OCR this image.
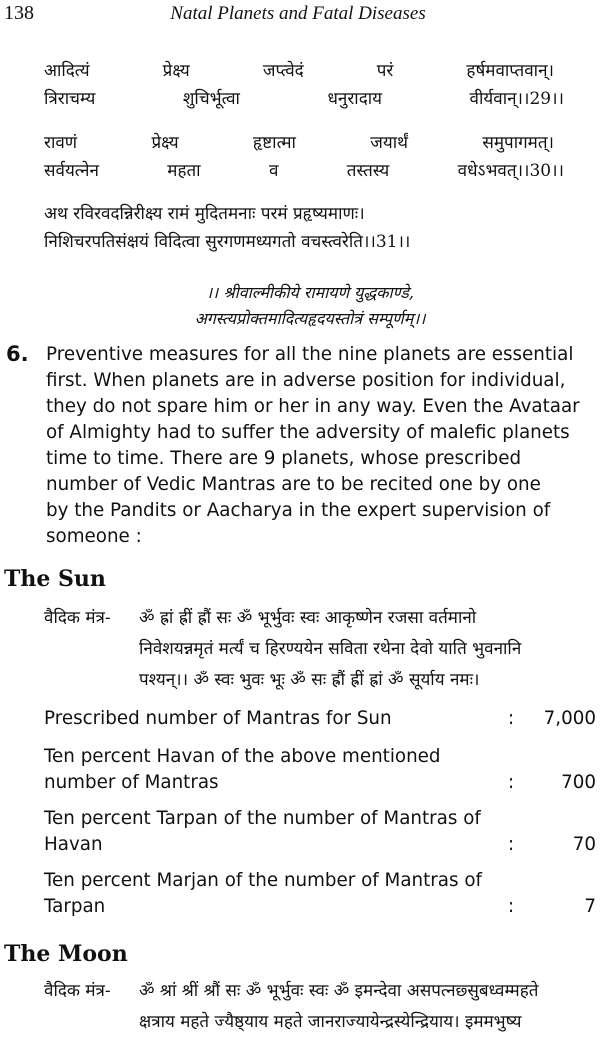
138	Natal Planets and Fatal Diseases
आदित्यं	प्रेक्ष्य	जप्त्वेदं	परं	हर्षमवाप्तवान्।
त्रिराचम्य	शुचिर्भूत्वा	धनुरादाय	वीर्यवान्।।29।।
रावणं	प्रेक्ष्य	हृष्टात्मा	जयार्थं	समुपागमत्।
सर्वयत्नेन	महता	व	तस्तस्य	वधेऽभवत्।।30।।
अथ रविरवदन्निरीक्ष्य रामं मुदितमनाः परमं प्रहृष्यमाणः।
निशिचरपतिसंक्षयं विदित्वा सुरगणमध्यगतो वचस्त्वरेति।।31।।
।। श्रीवाल्मीकीये रामायणे युद्धकाण्डे,
अगस्त्यप्रोक्तमादित्यहृदयस्तोत्रं सम्पूर्णम्।।
6. Preventive measures for all the nine planets are essential
first. When planets are in adverse position for individual,
they do not spare him or her in any way. Even the Avataar
of Almighty had to suffer the adversity of malefic planets
time to time. There are 9 planets, whose prescribed
number of Vedic Mantras are to be recited one by one
by the Pandits or Aacharya in the expert supervision of
someone :
The Sun
वैदिक मंत्र- ॐ ह्रां ह्रीं ह्रौं सः ॐ भूर्भुवः स्वः आकृष्णेन रजसा वर्तमानो
निवेशयन्नमृतं मर्त्यं च हिरण्ययेन सविता रथेना देवो याति भुवनानि
पश्यन्।। ॐ स्वः भुवः भूः ॐ सः ह्रौं ह्रीं ह्रां ॐ सूर्याय नमः।
Prescribed number of Mantras for Sun	: 7,000
Ten percent Havan of the above mentioned number of Mantras	:	700
Ten percent Tarpan of the number of Mantras of Havan	:	70
Ten percent Marjan of the number of Mantras of Tarpan	:	7
The Moon
वैदिक मंत्र- ॐ श्रां श्रीं श्रौं सः ॐ भूर्भुवः स्वः ॐ इमन्देवा असपत्नछ्सुबध्वम्महते
क्षत्राय महते ज्यैष्ठ्याय महते जानराज्यायेन्द्रस्येन्द्रियाय। इममभुष्य
